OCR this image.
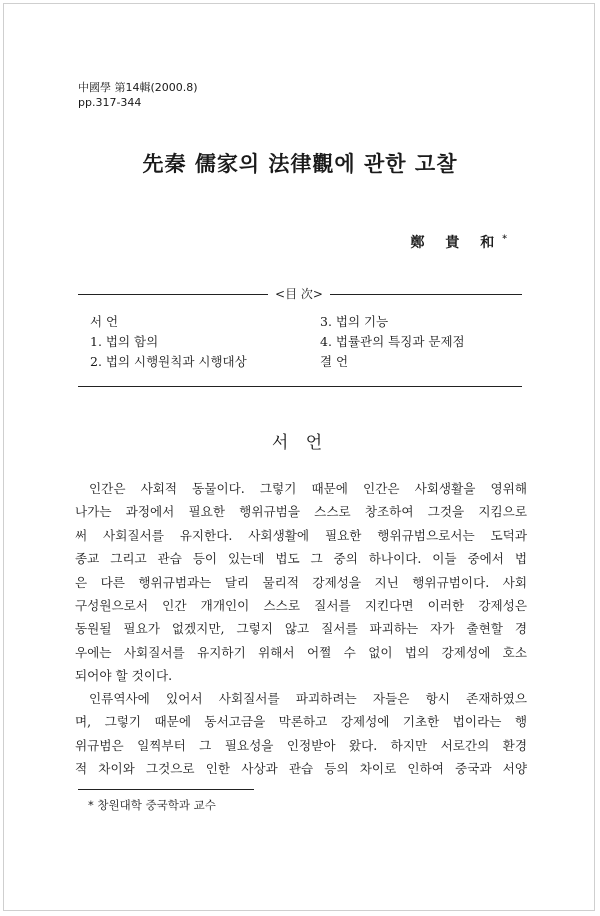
中國學 第14輯(2000.8)
pp.317-344
先秦 儒家의 法律觀에 관한 고찰
鄭 貴 和*
<目 次>
서 언
1. 법의 함의
2. 법의 시행원칙과 시행대상
3. 법의 기능
4. 법률관의 특징과 문제점
결 언
서 언
인간은 사회적 동물이다. 그렇기 때문에 인간은 사회생활을 영위해
나가는 과정에서 필요한 행위규범을 스스로 창조하여 그것을 지킴으로
써 사회질서를 유지한다. 사회생활에 필요한 행위규범으로서는 도덕과
종교 그리고 관습 등이 있는데 법도 그 중의 하나이다. 이들 중에서 법
은 다른 행위규범과는 달리 물리적 강제성을 지닌 행위규범이다. 사회
구성원으로서 인간 개개인이 스스로 질서를 지킨다면 이러한 강제성은
동원될 필요가 없겠지만, 그렇지 않고 질서를 파괴하는 자가 출현할 경
우에는 사회질서를 유지하기 위해서 어쩔 수 없이 법의 강제성에 호소
되어야 할 것이다.
인류역사에 있어서 사회질서를 파괴하려는 자들은 항시 존재하였으
며, 그렇기 때문에 동서고금을 막론하고 강제성에 기초한 법이라는 행
위규범은 일찍부터 그 필요성을 인정받아 왔다. 하지만 서로간의 환경
적 차이와 그것으로 인한 사상과 관습 등의 차이로 인하여 중국과 서양
* 창원대학 중국학과 교수
